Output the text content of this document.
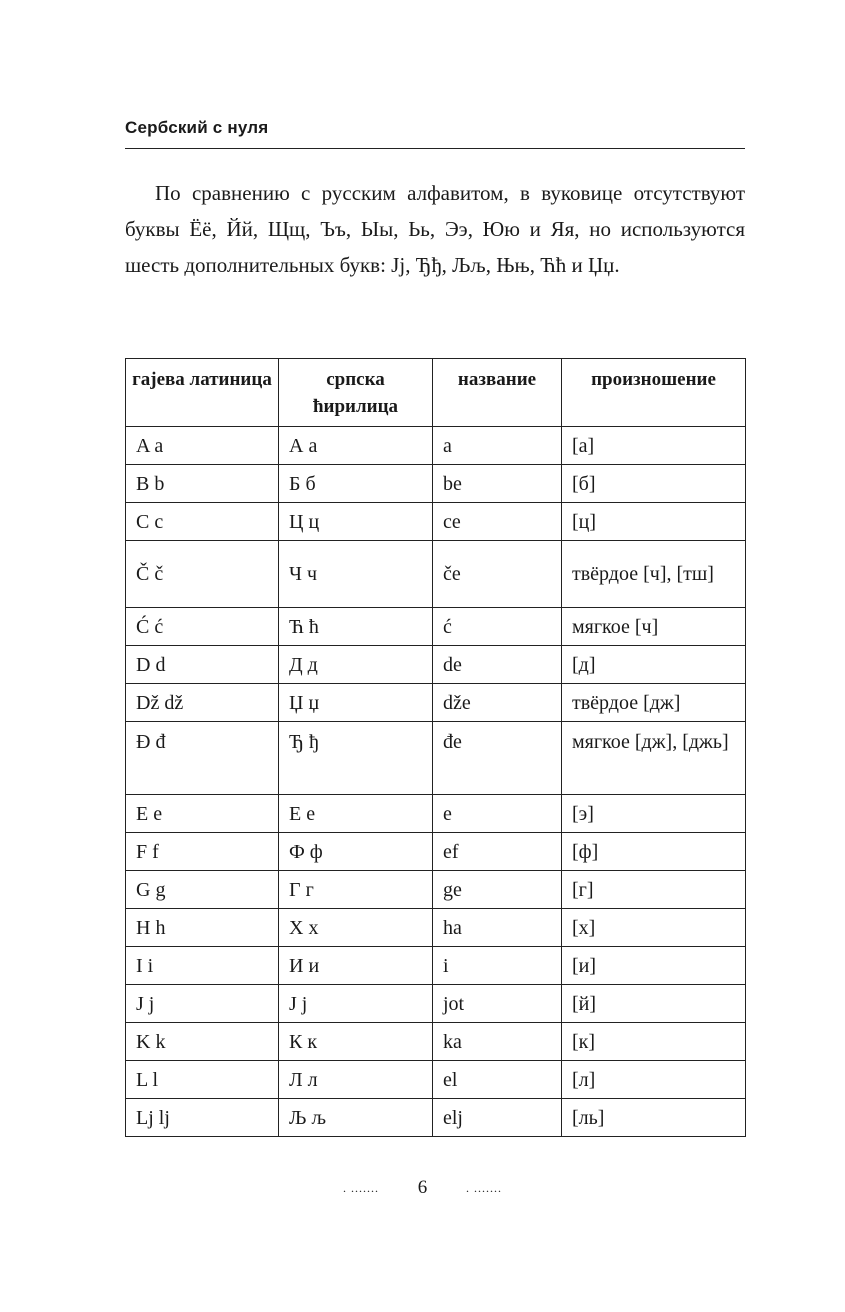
Сербский с нуля

По сравнению с русским алфавитом, в вуковице отсутствуют буквы Ёё, Йй, Щщ, Ъъ, Ыы, Ьь, Ээ, Юю и Яя, но используются шесть дополнительных букв: Jj, Ђђ, Љљ, Њњ, Ћћ и Џџ.

гајева латиница	српска ћирилица	название	произношение
A a	А а	a	[а]
B b	Б б	be	[б]
C c	Ц ц	ce	[ц]
Č č	Ч ч	če	твёрдое [ч], [тш]
Ć ć	Ћ ћ	ć	мягкое [ч]
D d	Д д	de	[д]
Dž dž	Џ џ	dže	твёрдое [дж]
Đ đ	Ђ ђ	đe	мягкое [дж], [джь]
E e	Е е	e	[э]
F f	Ф ф	ef	[ф]
G g	Г г	ge	[г]
H h	Х х	ha	[х]
I i	И и	i	[и]
J j	Ј ј	jot	[й]
K k	К к	ka	[к]
L l	Л л	el	[л]
Lj lj	Љ љ	elj	[ль]
. ....... 6	. .......
